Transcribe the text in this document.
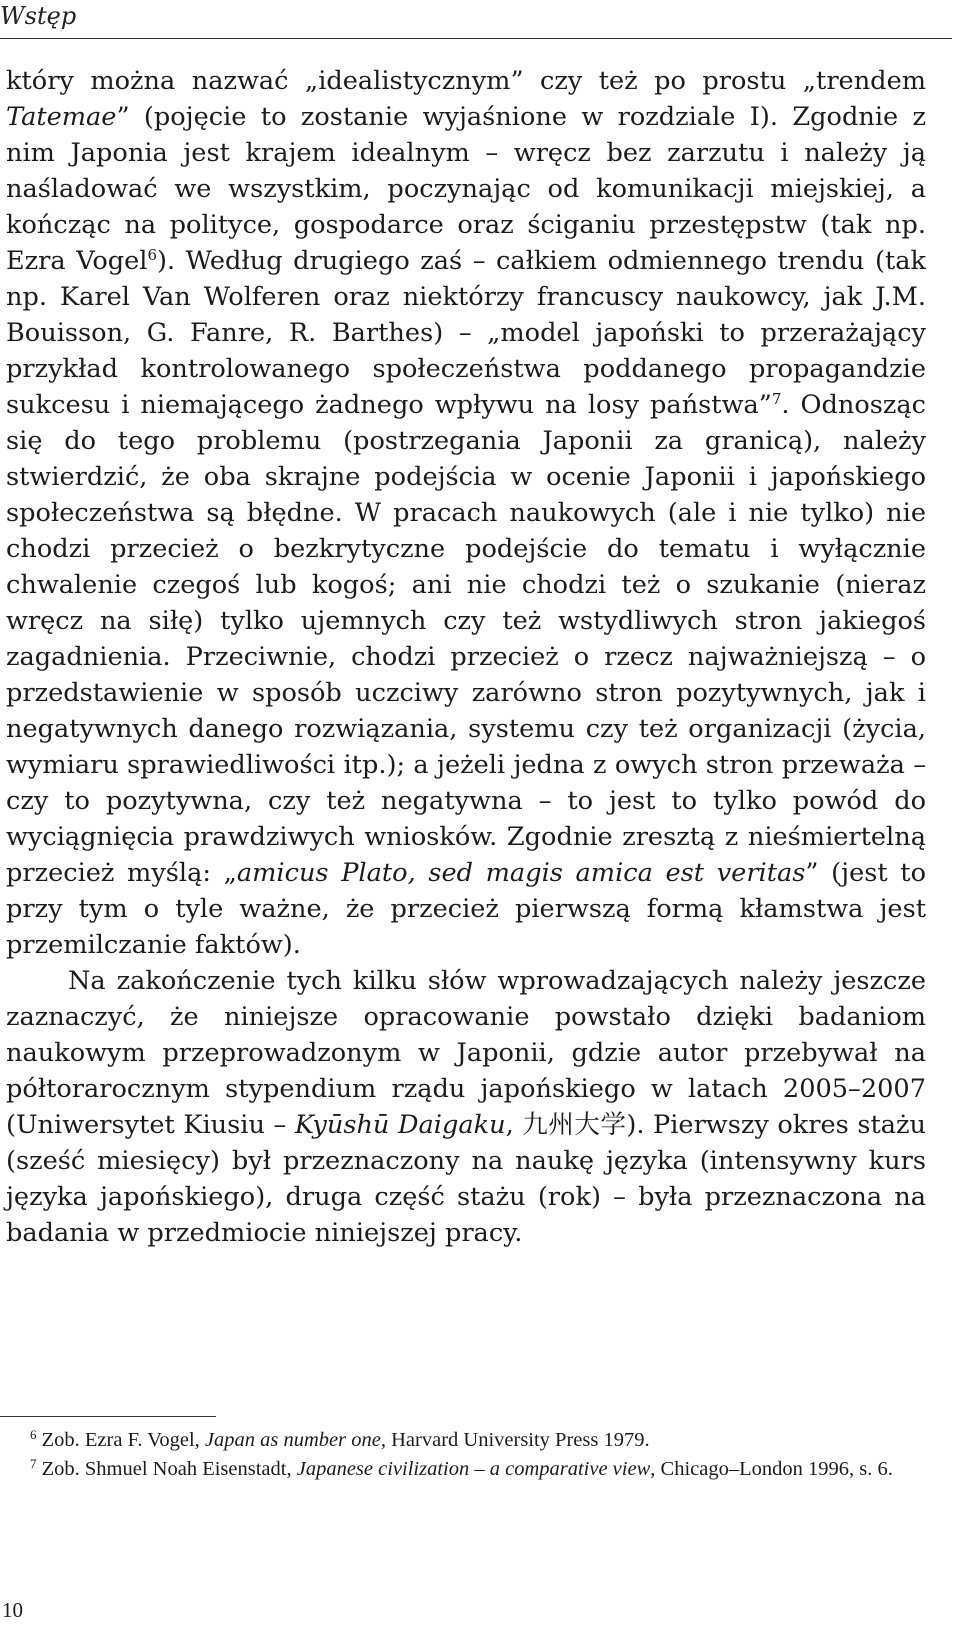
Wstęp

który można nazwać „idealistycznym” czy też po prostu „trendem Tatemae” (pojęcie to zostanie wyjaśnione w rozdziale I). Zgodnie z nim Japonia jest krajem idealnym – wręcz bez zarzutu i należy ją naśladować we wszystkim, poczynając od komunikacji miejskiej, a kończąc na polityce, gospodarce oraz ściganiu przestępstw (tak np. Ezra Vogel$^6$). Według drugiego zaś – całkiem odmiennego trendu (tak np. Karel Van Wolferen oraz niektórzy francuscy naukowcy, jak J.M. Bouisson, G. Fanre, R. Barthes) – „model japoński to przerażający przykład kontrolowanego społeczeństwa poddanego propagandzie sukcesu i niemającego żadnego wpływu na losy państwa”$^7$. Odnosząc się do tego problemu (postrzegania Japonii za granicą), należy stwierdzić, że oba skrajne podejścia w ocenie Japonii i japońskiego społeczeństwa są błędne. W pracach naukowych (ale i nie tylko) nie chodzi przecież o bezkrytyczne podejście do tematu i wyłącznie chwalenie czegoś lub kogoś; ani nie chodzi też o szukanie (nieraz wręcz na siłę) tylko ujemnych czy też wstydliwych stron jakiegoś zagadnienia. Przeciwnie, chodzi przecież o rzecz najważniejszą – o przedstawienie w sposób uczciwy zarówno stron pozytywnych, jak i negatywnych danego rozwiązania, systemu czy też organizacji (życia, wymiaru sprawiedliwości itp.); a jeżeli jedna z owych stron przeważa – czy to pozytywna, czy też negatywna – to jest to tylko powód do wyciągnięcia prawdziwych wniosków. Zgodnie zresztą z nieśmiertelną przecież myślą: „amicus Plato, sed magis amica est veritas” (jest to przy tym o tyle ważne, że przecież pierwszą formą kłamstwa jest przemilczanie faktów).

Na zakończenie tych kilku słów wprowadzających należy jeszcze zaznaczyć, że niniejsze opracowanie powstało dzięki badaniom naukowym przeprowadzonym w Japonii, gdzie autor przebywał na półtorarocznym stypendium rządu japońskiego w latach 2005–2007 (Uniwersytet Kiusiu – Kyūshū Daigaku, 九州大学). Pierwszy okres stażu (sześć miesięcy) był przeznaczony na naukę języka (intensywny kurs języka japońskiego), druga część stażu (rok) – była przeznaczona na badania w przedmiocie niniejszej pracy.

$^6$ Zob. Ezra F. Vogel, Japan as number one, Harvard University Press 1979.

$^7$ Zob. Shmuel Noah Eisenstadt, Japanese civilization – a comparative view, Chicago–London 1996, s. 6.

10
